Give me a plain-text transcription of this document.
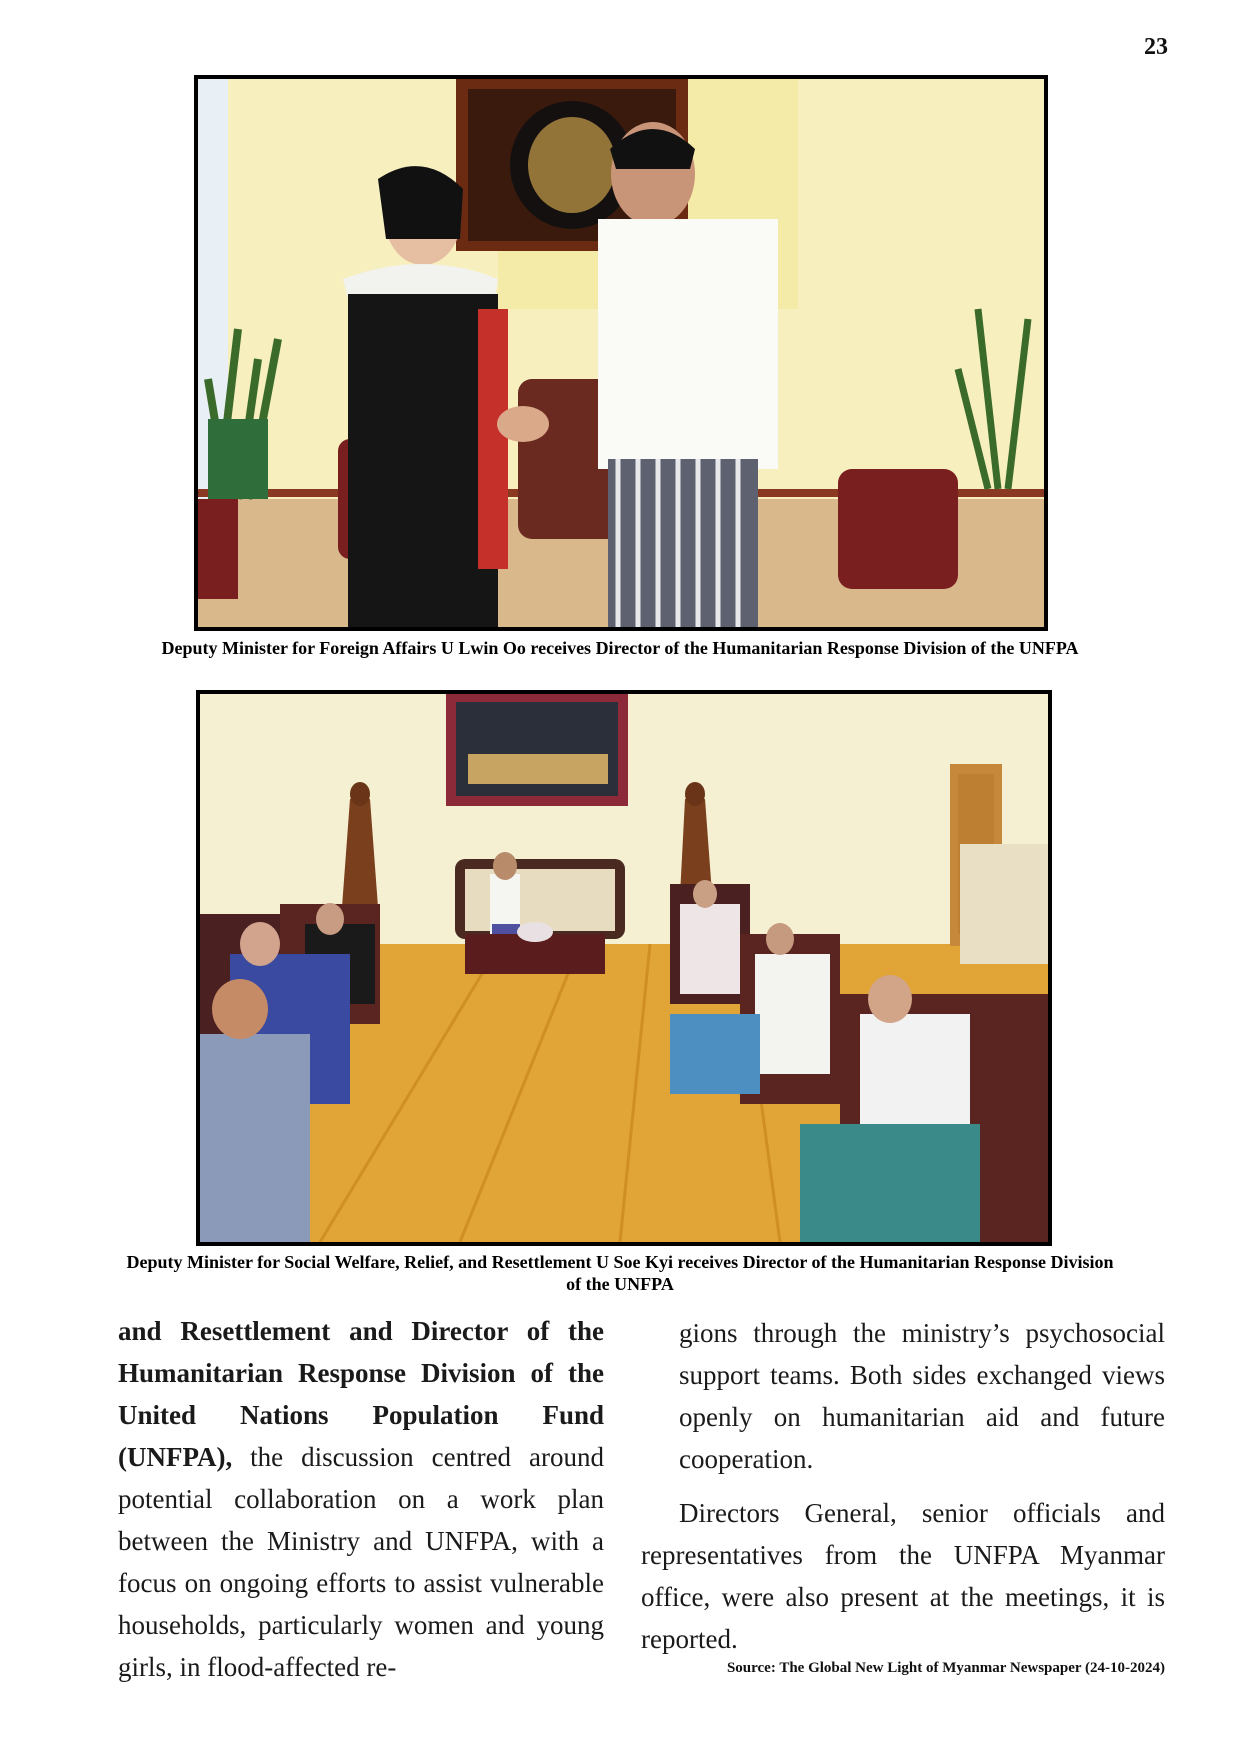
23
Deputy Minister for Foreign Affairs U Lwin Oo receives Director of the Humanitarian Response Division of the UNFPA
Deputy Minister for Social Welfare, Relief, and Resettlement U Soe Kyi receives Director of the Humanitarian Response Division of the UNFPA

and Resettlement and Director of the Humanitarian Response Division of the United Nations Population Fund (UNFPA), the discussion centred around potential collaboration on a work plan between the Ministry and UNFPA, with a focus on ongoing efforts to assist vulnerable households, particularly women and young girls, in flood-affected re-

gions through the ministry’s psychosocial support teams. Both sides exchanged views openly on humanitarian aid and future cooperation.

Directors General, senior officials and representatives from the UNFPA Myanmar office, were also present at the meetings, it is reported.

Source: The Global New Light of Myanmar Newspaper (24-10-2024)
